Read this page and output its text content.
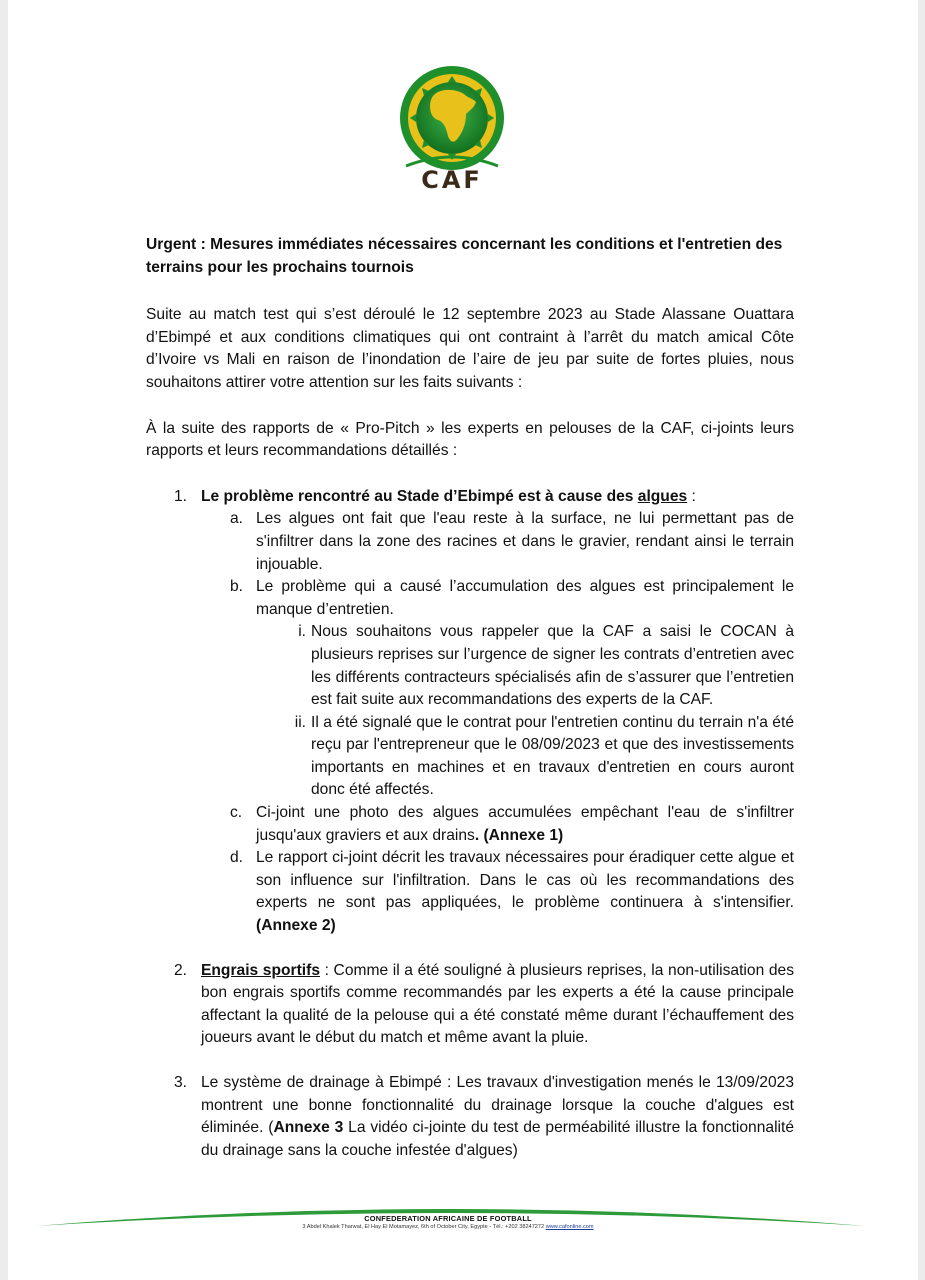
CAF
Urgent : Mesures immédiates nécessaires concernant les conditions et l'entretien des terrains pour les prochains tournois

Suite au match test qui s’est déroulé le 12 septembre 2023 au Stade Alassane Ouattara d’Ebimpé et aux conditions climatiques qui ont contraint à l’arrêt du match amical Côte d’Ivoire vs Mali en raison de l’inondation de l’aire de jeu par suite de fortes pluies, nous souhaitons attirer votre attention sur les faits suivants :

À la suite des rapports de « Pro-Pitch » les experts en pelouses de la CAF, ci-joints leurs rapports et leurs recommandations détaillés :

1. Le problème rencontré au Stade d’Ebimpé est à cause des algues :
a. Les algues ont fait que l'eau reste à la surface, ne lui permettant pas de s'infiltrer dans la zone des racines et dans le gravier, rendant ainsi le terrain injouable.
b. Le problème qui a causé l’accumulation des algues est principalement le manque d’entretien.
i. Nous souhaitons vous rappeler que la CAF a saisi le COCAN à plusieurs reprises sur l’urgence de signer les contrats d’entretien avec les différents contracteurs spécialisés afin de s’assurer que l’entretien est fait suite aux recommandations des experts de la CAF.
ii. Il a été signalé que le contrat pour l'entretien continu du terrain n'a été reçu par l'entrepreneur que le 08/09/2023 et que des investissements importants en machines et en travaux d'entretien en cours auront donc été affectés.
c. Ci-joint une photo des algues accumulées empêchant l'eau de s'infiltrer jusqu'aux graviers et aux drains. (Annexe 1)
d. Le rapport ci-joint décrit les travaux nécessaires pour éradiquer cette algue et son influence sur l'infiltration. Dans le cas où les recommandations des experts ne sont pas appliquées, le problème continuera à s'intensifier. (Annexe 2)
2. Engrais sportifs : Comme il a été souligné à plusieurs reprises, la non-utilisation des bon engrais sportifs comme recommandés par les experts a été la cause principale affectant la qualité de la pelouse qui a été constaté même durant l’échauffement des joueurs avant le début du match et même avant la pluie.
3. Le système de drainage à Ebimpé : Les travaux d'investigation menés le 13/09/2023 montrent une bonne fonctionnalité du drainage lorsque la couche d'algues est éliminée. (Annexe 3 La vidéo ci-jointe du test de perméabilité illustre la fonctionnalité du drainage sans la couche infestée d'algues)
CONFEDERATION AFRICAINE DE FOOTBALL
3 Abdel Khalek Tharwat, El Hay El Motamayez, 6th of October City, Egypte - Tél.: +202 38247272 www.cafonline.com
